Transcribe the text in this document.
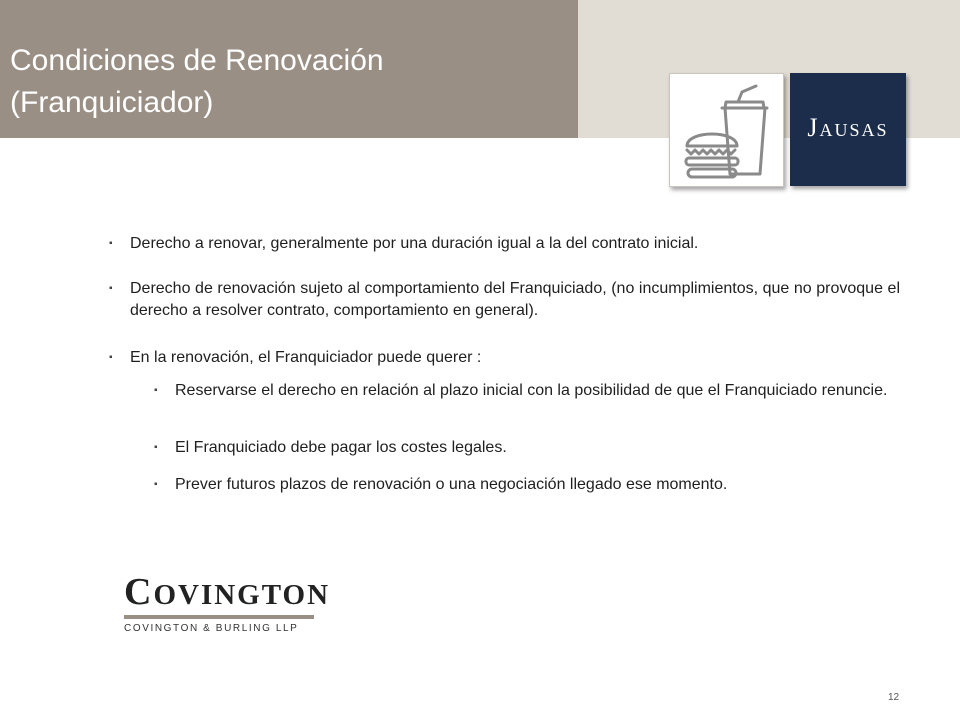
Condiciones de Renovación
(Franquiciador)
JAUSAS
▪ Derecho a renovar, generalmente por una duración igual a la del contrato inicial.
▪ Derecho de renovación sujeto al comportamiento del Franquiciado, (no incumplimientos, que no provoque el derecho a resolver contrato, comportamiento en general).
▪ En la renovación, el Franquiciador puede querer :
▪ Reservarse el derecho en relación al plazo inicial con la posibilidad de que el Franquiciado renuncie.
▪ El Franquiciado debe pagar los costes legales.
▪ Prever futuros plazos de renovación o una negociación llegado ese momento.
COVINGTON
COVINGTON & BURLING LLP
12
